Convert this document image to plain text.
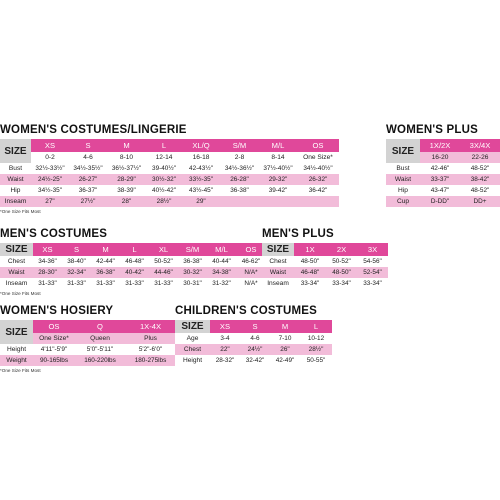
WOMEN'S COSTUMES/LINGERIE
SIZE	XS	S	M	L	XL/Q	S/M	M/L	OS
	0-2	4-6	8-10	12-14	16-18	2-8	8-14	One Size*
Bust	32½-33½"	34½-35½"	36½-37½"	39-40½"	42-43½"	34½-36½"	37½-40½"	34½-40½"
Waist	24½-25"	26-27"	28-29"	30½-32"	33½-35"	26-28"	29-32"	26-32"
Hip	34½-35"	36-37"	38-39"	40½-42"	43½-45"	36-38"	39-42"	36-42"
Inseam	27"	27½"	28"	28½"	29"			
*One Size Fits Most
WOMEN'S PLUS
SIZE	1X/2X	3X/4X
	16-20	22-26
Bust	42-46"	48-52"
Waist	33-37"	38-42"
Hip	43-47"	48-52"
Cup	D-DD"	DD+
MEN'S COSTUMES
SIZE	XS	S	M	L	XL	S/M	M/L	OS
Chest	34-36"	38-40"	42-44"	46-48"	50-52"	36-38"	40-44"	46-62"
Waist	28-30"	32-34"	36-38"	40-42"	44-46"	30-32"	34-38"	N/A*
Inseam	31-33"	31-33"	31-33"	31-33"	31-33"	30-31"	31-32"	N/A*
*One Size Fits Most
MEN'S PLUS
SIZE	1X	2X	3X
Chest	48-50"	50-52"	54-56"
Waist	46-48"	48-50"	52-54"
Inseam	33-34"	33-34"	33-34"
WOMEN'S HOSIERY
SIZE	OS	Q	1X-4X
	One Size*	Queen	Plus
Height	4'11"-5'9"	5'0"-5'11"	5'2"-6'0"
Weight	90-165lbs	160-220lbs	180-275lbs
*One Size Fits Most
CHILDREN'S COSTUMES
SIZE	XS	S	M	L
Age	3-4	4-6	7-10	10-12
Chest	22"	24½"	26"	28½"
Height	28-32"	32-42"	42-49"	50-55"
